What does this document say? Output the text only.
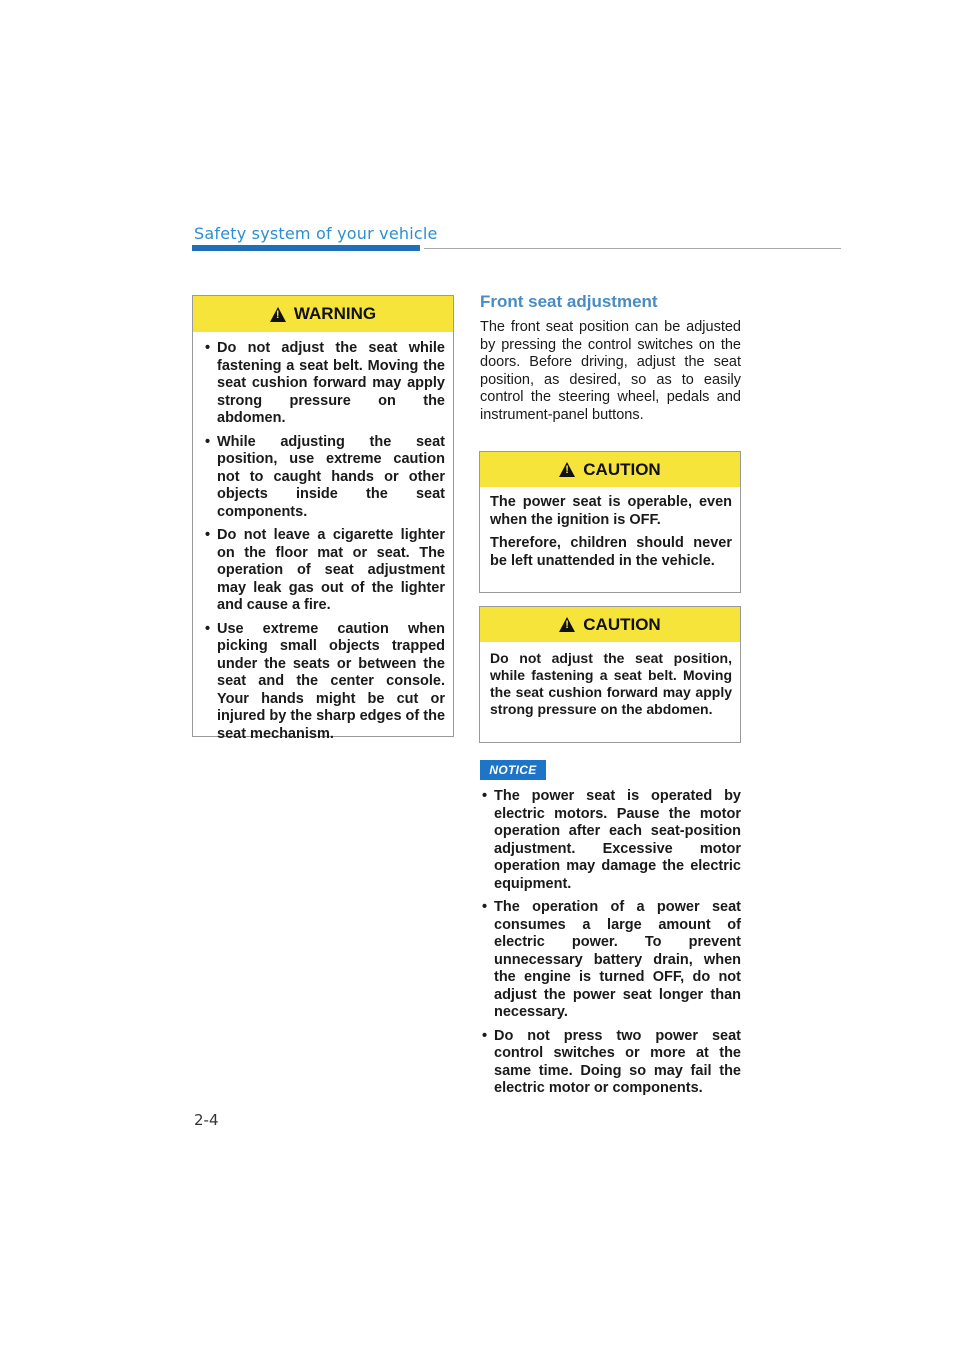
Safety system of your vehicle
!
WARNING
• Do not adjust the seat while fastening a seat belt. Moving the seat cushion forward may apply strong pressure on the abdomen.
• While adjusting the seat position, use extreme caution not to caught hands or other objects inside the seat components.
• Do not leave a cigarette lighter on the floor mat or seat. The operation of seat adjustment may leak gas out of the lighter and cause a fire.
• Use extreme caution when picking small objects trapped under the seats or between the seat and the center console. Your hands might be cut or injured by the sharp edges of the seat mechanism.
Front seat adjustment

The front seat position can be adjusted by pressing the control switches on the doors. Before driving, adjust the seat position, as desired, so as to easily control the steering wheel, pedals and instrument-panel buttons.

!
CAUTION

The power seat is operable, even when the ignition is OFF.

Therefore, children should never be left unattended in the vehicle.

!
CAUTION

Do not adjust the seat position, while fastening a seat belt. Moving the seat cushion forward may apply strong pressure on the abdomen.

NOTICE
• The power seat is operated by electric motors. Pause the motor operation after each seat-position adjustment. Excessive motor operation may damage the electric equipment.
• The operation of a power seat consumes a large amount of electric power. To prevent unnecessary battery drain, when the engine is turned OFF, do not adjust the power seat longer than necessary.
• Do not press two power seat control switches or more at the same time. Doing so may fail the electric motor or components.
2-4
